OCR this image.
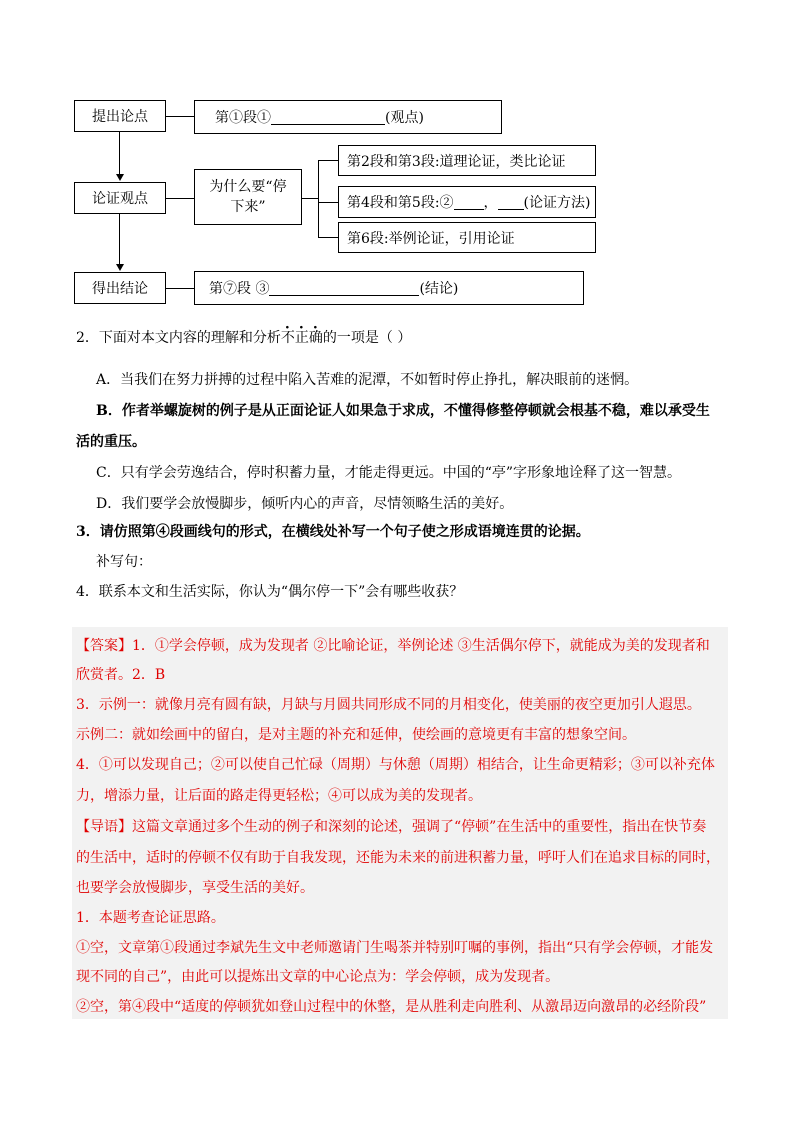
提出论点
论证观点
得出结论
第①段①	(观点)
为什么要“停
下来”
第2段和第3段:道理论证，类比论证
第4段和第5段:② ， (论证方法)
第6段:举例论证，引用论证
第⑦段 ③	(结论)
2．下面对本文内容的理解和分析不正确的一项是（ ）
A．当我们在努力拼搏的过程中陷入苦难的泥潭，不如暂时停止挣扎，解决眼前的迷惘。
B．作者举螺旋树的例子是从正面论证人如果急于求成，不懂得修整停顿就会根基不稳，难以承受生
活的重压。
C．只有学会劳逸结合，停时积蓄力量，才能走得更远。中国的“亭”字形象地诠释了这一智慧。
D．我们要学会放慢脚步，倾听内心的声音，尽情领略生活的美好。
3．请仿照第④段画线句的形式，在横线处补写一个句子使之形成语境连贯的论据。
补写句：
4．联系本文和生活实际，你认为“偶尔停一下”会有哪些收获？
【答案】1．①学会停顿，成为发现者 ②比喻论证，举例论述 ③生活偶尔停下，就能成为美的发现者和
欣赏者。2．B
3．示例一：就像月亮有圆有缺，月缺与月圆共同形成不同的月相变化，使美丽的夜空更加引人遐思。
示例二：就如绘画中的留白，是对主题的补充和延伸，使绘画的意境更有丰富的想象空间。
4．①可以发现自己；②可以使自己忙碌（周期）与休憩（周期）相结合，让生命更精彩；③可以补充体
力，增添力量，让后面的路走得更轻松；④可以成为美的发现者。
【导语】这篇文章通过多个生动的例子和深刻的论述，强调了“停顿”在生活中的重要性，指出在快节奏
的生活中，适时的停顿不仅有助于自我发现，还能为未来的前进积蓄力量，呼吁人们在追求目标的同时，
也要学会放慢脚步，享受生活的美好。
1．本题考查论证思路。
①空，文章第①段通过李斌先生文中老师邀请门生喝茶并特别叮嘱的事例，指出“只有学会停顿，才能发
现不同的自己”，由此可以提炼出文章的中心论点为：学会停顿，成为发现者。
②空，第④段中“适度的停顿犹如登山过程中的休整，是从胜利走向胜利、从激昂迈向激昂的必经阶段”
